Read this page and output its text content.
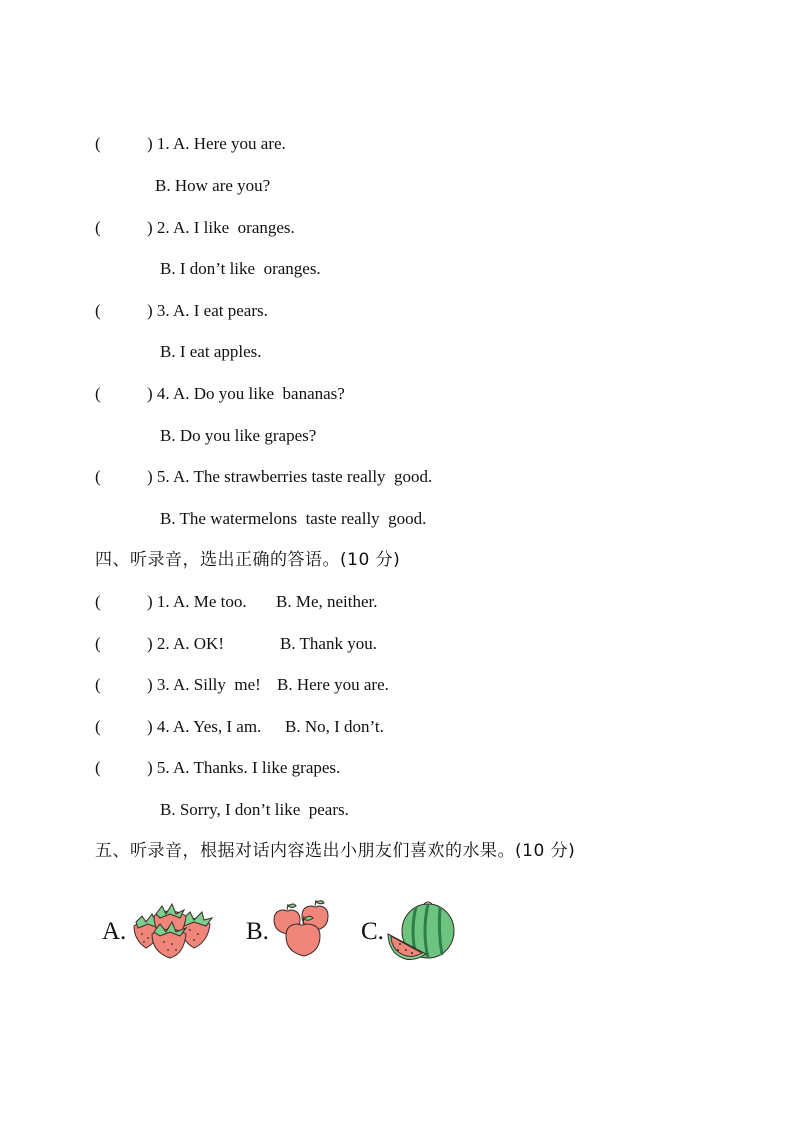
(	) 1. A. Here you are.
B. How are you?
(	) 2. A. I like  oranges.
B. I don’t like  oranges.
(	) 3. A. I eat pears.
B. I eat apples.
(	) 4. A. Do you like  bananas?
B. Do you like grapes?
(	) 5. A. The strawberries taste really  good.
B. The watermelons  taste really  good.
四、听录音，选出正确的答语。(10 分)
(	) 1. A. Me too. B. Me, neither.
(	) 2. A. OK!	B. Thank you.
(	) 3. A. Silly  me! B. Here you are.
(	) 4. A. Yes, I am. B. No, I don’t.
(	) 5. A. Thanks. I like grapes.
B. Sorry, I don’t like  pears.
五、听录音，根据对话内容选出小朋友们喜欢的水果。(10 分)
A.	B.	C.
